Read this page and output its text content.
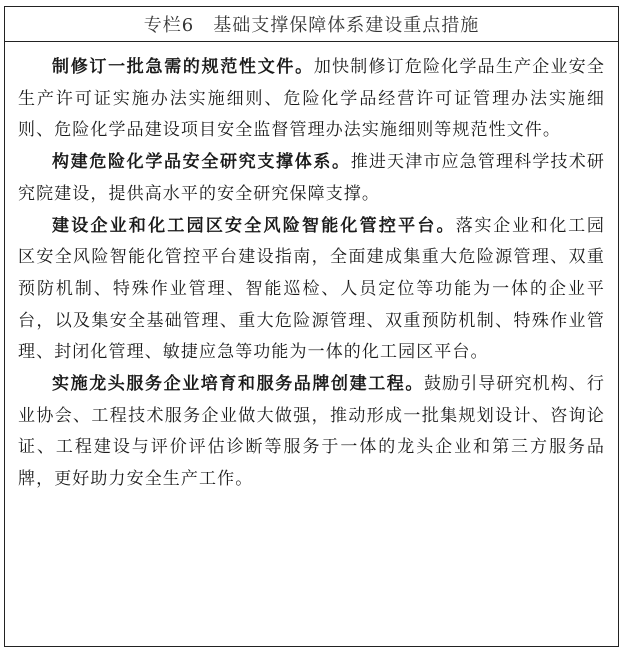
专栏6　基础支撑保障体系建设重点措施

制修订一批急需的规范性文件。加快制修订危险化学品生产企业安全生产许可证实施办法实施细则、危险化学品经营许可证管理办法实施细则、危险化学品建设项目安全监督管理办法实施细则等规范性文件。

构建危险化学品安全研究支撑体系。推进天津市应急管理科学技术研究院建设，提供高水平的安全研究保障支撑。

建设企业和化工园区安全风险智能化管控平台。落实企业和化工园区安全风险智能化管控平台建设指南，全面建成集重大危险源管理、双重预防机制、特殊作业管理、智能巡检、人员定位等功能为一体的企业平台，以及集安全基础管理、重大危险源管理、双重预防机制、特殊作业管理、封闭化管理、敏捷应急等功能为一体的化工园区平台。

实施龙头服务企业培育和服务品牌创建工程。鼓励引导研究机构、行业协会、工程技术服务企业做大做强，推动形成一批集规划设计、咨询论证、工程建设与评价评估诊断等服务于一体的龙头企业和第三方服务品牌，更好助力安全生产工作。
